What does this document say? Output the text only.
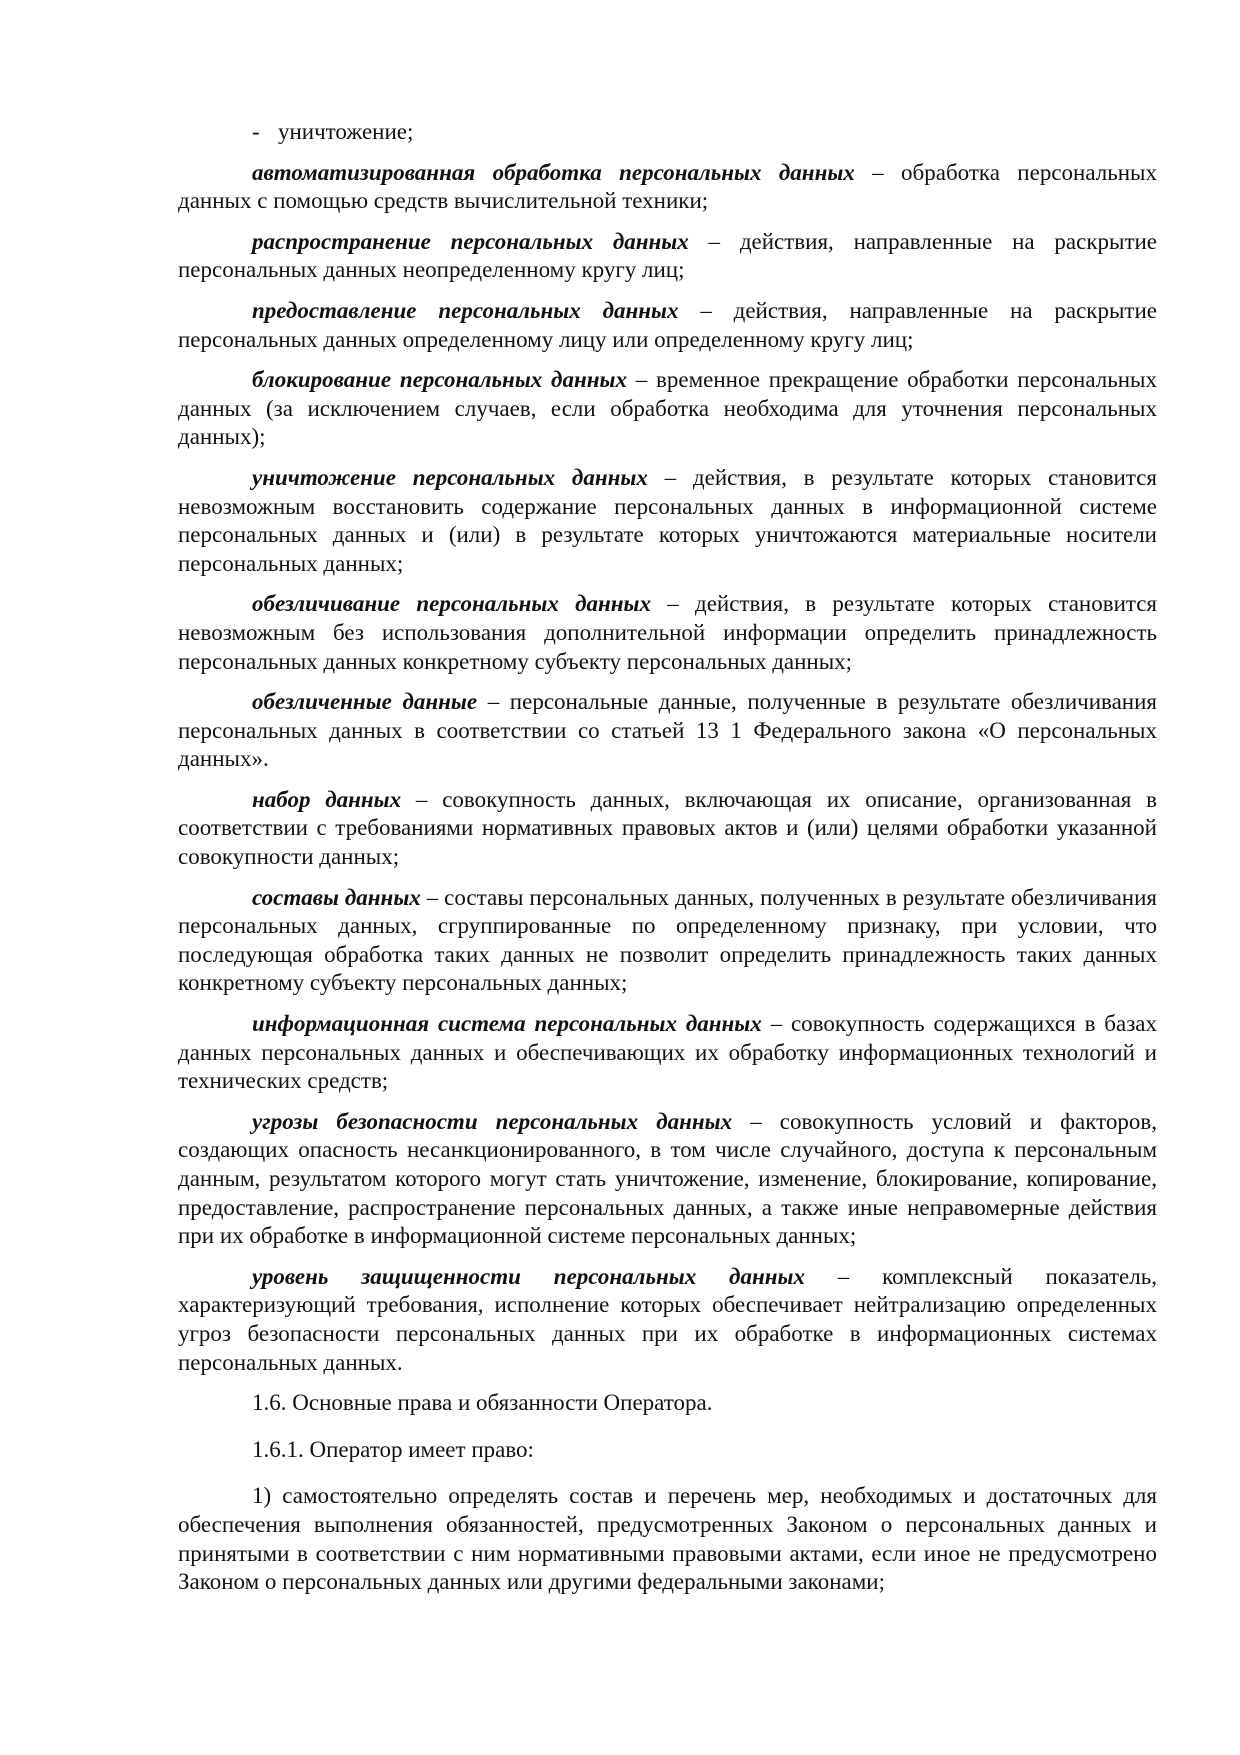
- уничтожение;

автоматизированная обработка персональных данных – обработка персональных данных с помощью средств вычислительной техники;

распространение персональных данных – действия, направленные на раскрытие персональных данных неопределенному кругу лиц;

предоставление персональных данных – действия, направленные на раскрытие персональных данных определенному лицу или определенному кругу лиц;

блокирование персональных данных – временное прекращение обработки персональных данных (за исключением случаев, если обработка необходима для уточнения персональных данных);

уничтожение персональных данных – действия, в результате которых становится невозможным восстановить содержание персональных данных в информационной системе персональных данных и (или) в результате которых уничтожаются материальные носители персональных данных;

обезличивание персональных данных – действия, в результате которых становится невозможным без использования дополнительной информации определить принадлежность персональных данных конкретному субъекту персональных данных;

обезличенные данные – персональные данные, полученные в результате обезличивания персональных данных в соответствии со статьей 13 1 Федерального закона «О персональных данных».

набор данных – совокупность данных, включающая их описание, организованная в соответствии с требованиями нормативных правовых актов и (или) целями обработки указанной совокупности данных;

составы данных – составы персональных данных, полученных в результате обезличивания персональных данных, сгруппированные по определенному признаку, при условии, что последующая обработка таких данных не позволит определить принадлежность таких данных конкретному субъекту персональных данных;

информационная система персональных данных – совокупность содержащихся в базах данных персональных данных и обеспечивающих их обработку информационных технологий и технических средств;

угрозы безопасности персональных данных – совокупность условий и факторов, создающих опасность несанкционированного, в том числе случайного, доступа к персональным данным, результатом которого могут стать уничтожение, изменение, блокирование, копирование, предоставление, распространение персональных данных, а также иные неправомерные действия при их обработке в информационной системе персональных данных;

уровень защищенности персональных данных – комплексный показатель, характеризующий требования, исполнение которых обеспечивает нейтрализацию определенных угроз безопасности персональных данных при их обработке в информационных системах персональных данных.

1.6. Основные права и обязанности Оператора.

1.6.1. Оператор имеет право:

1) самостоятельно определять состав и перечень мер, необходимых и достаточных для обеспечения выполнения обязанностей, предусмотренных Законом о персональных данных и принятыми в соответствии с ним нормативными правовыми актами, если иное не предусмотрено Законом о персональных данных или другими федеральными законами;
